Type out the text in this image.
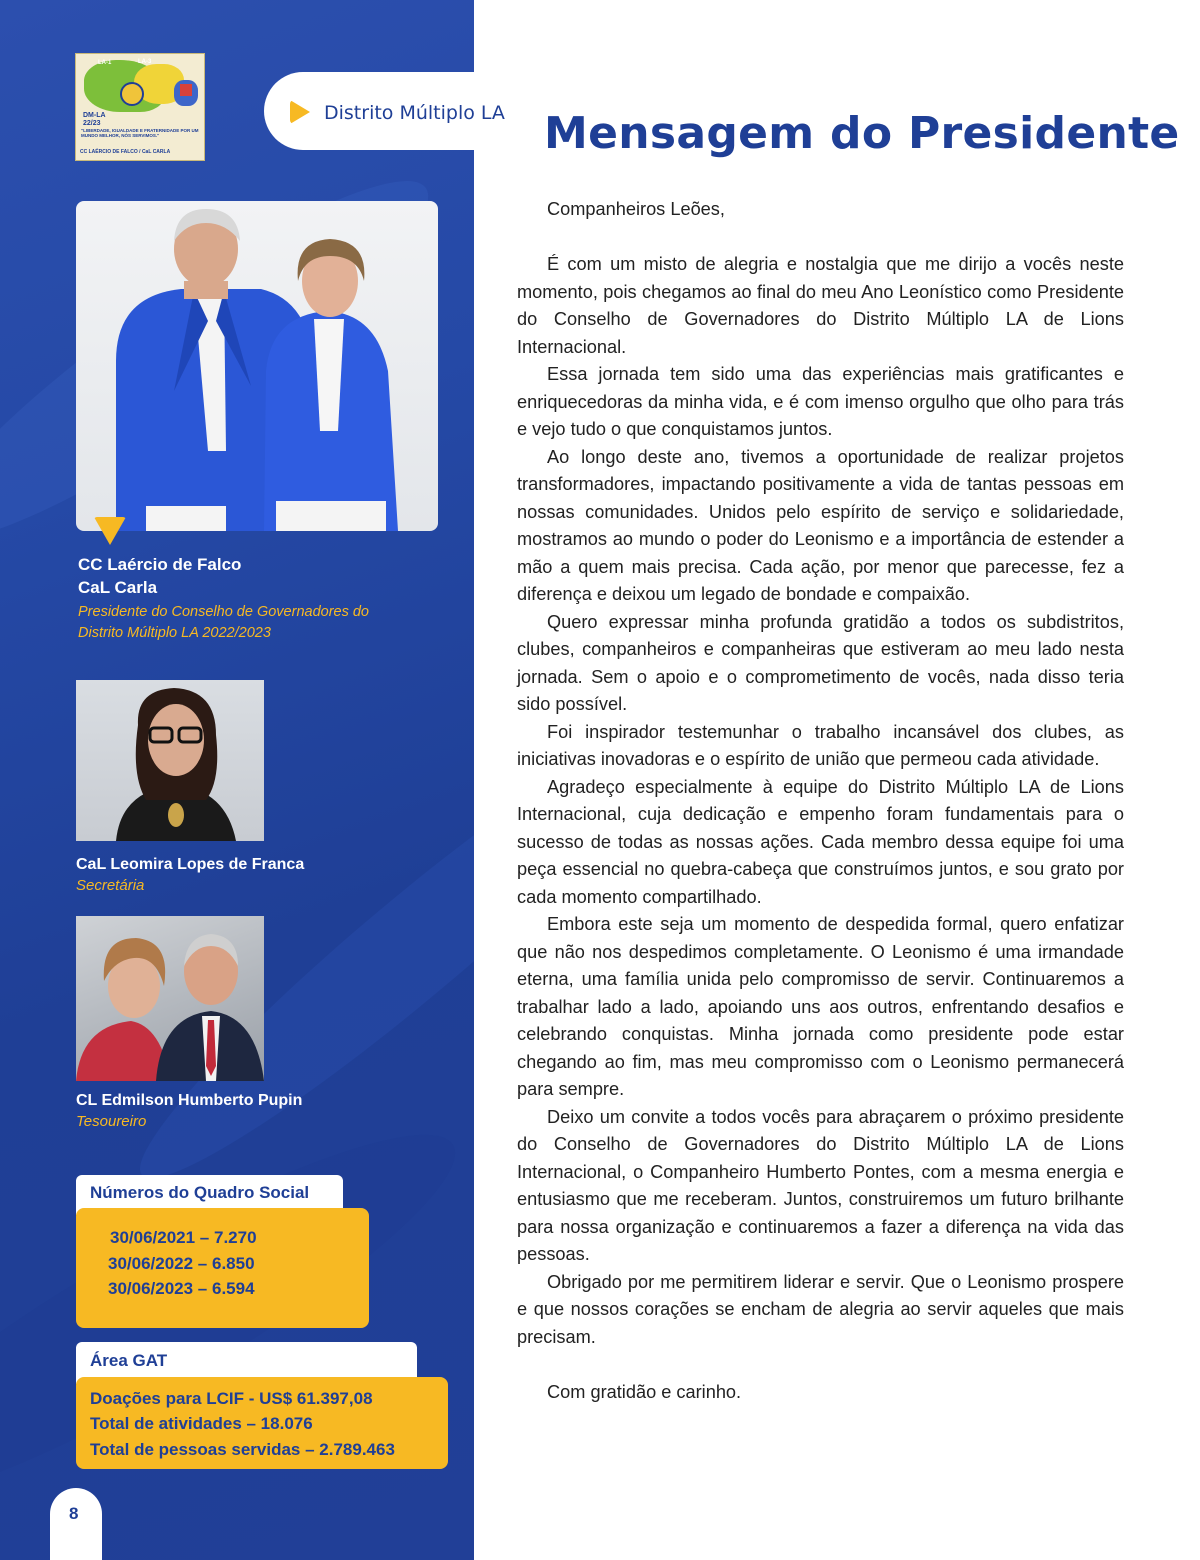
LA-1	LA-3
DM-LA
22/23
"LIBERDADE, IGUALDADE E FRATERNIDADE POR UM MUNDO MELHOR, NÓS SERVIMOS."
CC LAÉRCIO DE FALCO / CaL CARLA
CC Laércio de Falco
CaL Carla
Presidente do Conselho de Governadores do
Distrito Múltiplo LA 2022/2023
CaL Leomira Lopes de Franca
Secretária
CL Edmilson Humberto Pupin
Tesoureiro
Números do Quadro Social
30/06/2021 – 7.270
30/06/2022 – 6.850
30/06/2023 – 6.594
Área GAT
Doações para LCIF - US$ 61.397,08
Total de atividades – 18.076
Total de pessoas servidas – 2.789.463
8
Distrito Múltiplo LA Mensagem do Presidente

Companheiros Leões,

É com um misto de alegria e nostalgia que me dirijo a vocês neste momento, pois chegamos ao final do meu Ano Leonístico como Presidente do Conselho de Governadores do Distrito Múltiplo LA de Lions Internacional.

Essa jornada tem sido uma das experiências mais gratificantes e enriquecedoras da minha vida, e é com imenso orgulho que olho para trás e vejo tudo o que conquistamos juntos.

Ao longo deste ano, tivemos a oportunidade de realizar projetos transformadores, impactando positivamente a vida de tantas pessoas em nossas comunidades. Unidos pelo espírito de serviço e solidariedade, mostramos ao mundo o poder do Leonismo e a importância de estender a mão a quem mais precisa. Cada ação, por menor que parecesse, fez a diferença e deixou um legado de bondade e compaixão.

Quero expressar minha profunda gratidão a todos os subdistritos, clubes, companheiros e companheiras que estiveram ao meu lado nesta jornada. Sem o apoio e o comprometimento de vocês, nada disso teria sido possível.

Foi inspirador testemunhar o trabalho incansável dos clubes, as iniciativas inovadoras e o espírito de união que permeou cada atividade.

Agradeço especialmente à equipe do Distrito Múltiplo LA de Lions Internacional, cuja dedicação e empenho foram fundamentais para o sucesso de todas as nossas ações. Cada membro dessa equipe foi uma peça essencial no quebra-cabeça que construímos juntos, e sou grato por cada momento compartilhado.

Embora este seja um momento de despedida formal, quero enfatizar que não nos despedimos completamente. O Leonismo é uma irmandade eterna, uma família unida pelo compromisso de servir. Continuaremos a trabalhar lado a lado, apoiando uns aos outros, enfrentando desafios e celebrando conquistas. Minha jornada como presidente pode estar chegando ao fim, mas meu compromisso com o Leonismo permanecerá para sempre.

Deixo um convite a todos vocês para abraçarem o próximo presidente do Conselho de Governadores do Distrito Múltiplo LA de Lions Internacional, o Companheiro Humberto Pontes, com a mesma energia e entusiasmo que me receberam. Juntos, construiremos um futuro brilhante para nossa organização e continuaremos a fazer a diferença na vida das pessoas.

Obrigado por me permitirem liderar e servir. Que o Leonismo prospere e que nossos corações se encham de alegria ao servir aqueles que mais precisam.

Com gratidão e carinho.
